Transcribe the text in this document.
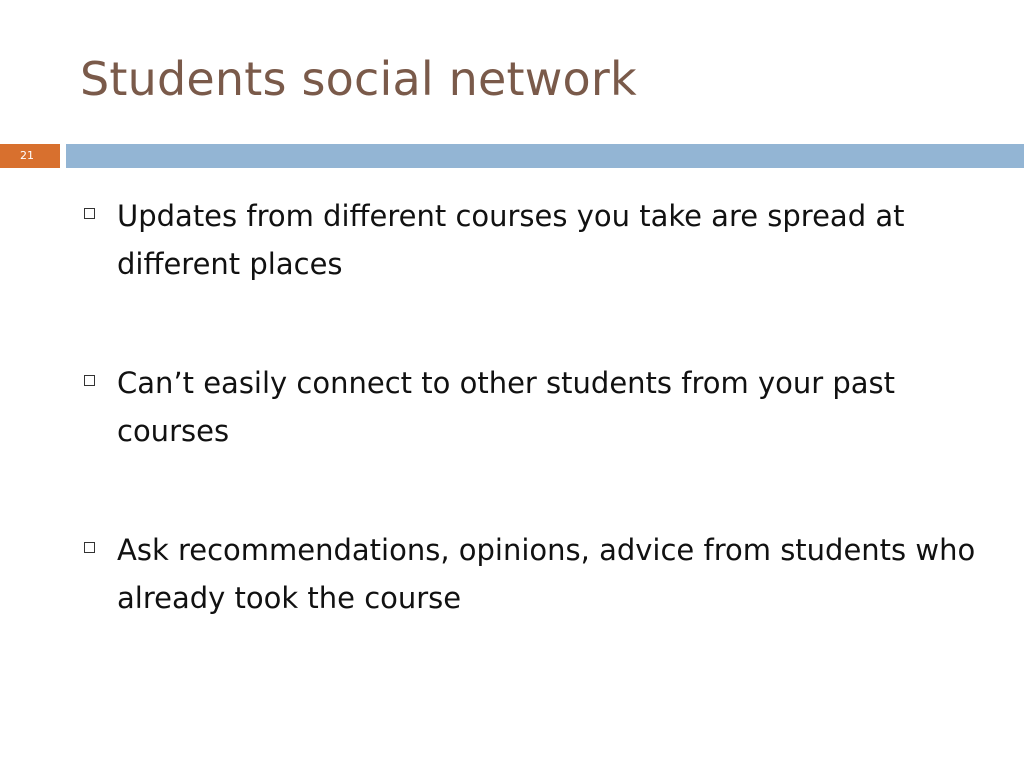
Students social network
21
Updates from different courses you take are spread at different places
Can’t easily connect to other students from your past courses
Ask recommendations, opinions, advice from students who already took the course
